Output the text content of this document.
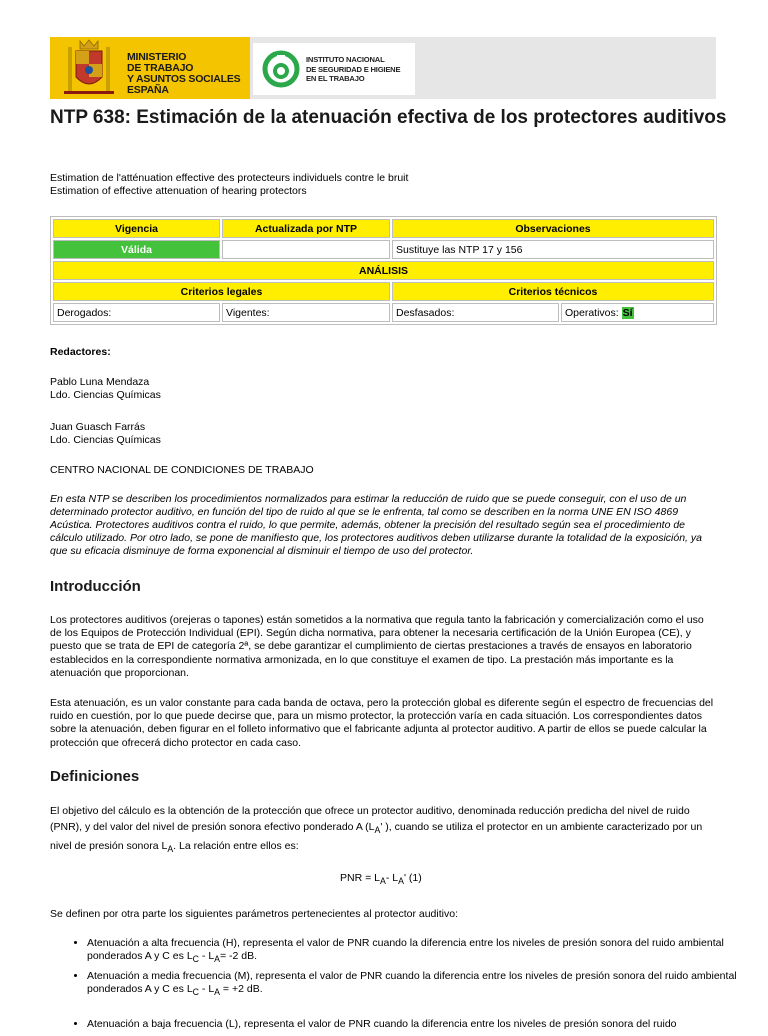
MINISTERIO
DE TRABAJO
Y ASUNTOS SOCIALES
ESPAÑA
INSTITUTO NACIONAL
DE SEGURIDAD E HIGIENE
EN EL TRABAJO
NTP 638: Estimación de la atenuación efectiva de los protectores auditivos
Estimation de l'atténuation effective des protecteurs individuels contre le bruit
Estimation of effective attenuation of hearing protectors
Vigencia	Actualizada por NTP	Observaciones	
Válida		Sustituye las NTP 17 y 156	
ANÁLISIS			
Criterios legales		Criterios técnicos	
Derogados:	Vigentes:	Desfasados:	Operativos: Sí
Redactores:
Pablo Luna Mendaza
Ldo. Ciencias Químicas
Juan Guasch Farrás
Ldo. Ciencias Químicas
CENTRO NACIONAL DE CONDICIONES DE TRABAJO
En esta NTP se describen los procedimientos normalizados para estimar la reducción de ruido que se puede conseguir, con el uso de un determinado protector auditivo, en función del tipo de ruido al que se le enfrenta, tal como se describen en la norma UNE EN ISO 4869 Acústica. Protectores auditivos contra el ruido, lo que permite, además, obtener la precisión del resultado según sea el procedimiento de cálculo utilizado. Por otro lado, se pone de manifiesto que, los protectores auditivos deben utilizarse durante la totalidad de la exposición, ya que su eficacia disminuye de forma exponencial al disminuir el tiempo de uso del protector.
Introducción
Los protectores auditivos (orejeras o tapones) están sometidos a la normativa que regula tanto la fabricación y comercialización como el uso de los Equipos de Protección Individual (EPI). Según dicha normativa, para obtener la necesaria certificación de la Unión Europea (CE), y puesto que se trata de EPI de categoría 2ª, se debe garantizar el cumplimiento de ciertas prestaciones a través de ensayos en laboratorio establecidos en la correspondiente normativa armonizada, en lo que constituye el examen de tipo. La prestación más importante es la atenuación que proporcionan.
Esta atenuación, es un valor constante para cada banda de octava, pero la protección global es diferente según el espectro de frecuencias del ruido en cuestión, por lo que puede decirse que, para un mismo protector, la protección varía en cada situación. Los correspondientes datos sobre la atenuación, deben figurar en el folleto informativo que el fabricante adjunta al protector auditivo. A partir de ellos se puede calcular la protección que ofrecerá dicho protector en cada caso.
Definiciones
El objetivo del cálculo es la obtención de la protección que ofrece un protector auditivo, denominada reducción predicha del nivel de ruido (PNR), y del valor del nivel de presión sonora efectivo ponderado A ($L_A'$ ), cuando se utiliza el protector en un ambiente caracterizado por un nivel de presión sonora $L_A$. La relación entre ellos es:
PNR = $L_A-$ $L_A'$ (1)
Se definen por otra parte los siguientes parámetros pertenecientes al protector auditivo:
• Atenuación a alta frecuencia (H), representa el valor de PNR cuando la diferencia entre los niveles de presión sonora del ruido ambiental ponderados A y C es $L_C - L_A= -2$ dB.
• Atenuación a media frecuencia (M), representa el valor de PNR cuando la diferencia entre los niveles de presión sonora del ruido ambiental ponderados A y C es $L_C - L_A = +2$ dB.
• Atenuación a baja frecuencia (L), representa el valor de PNR cuando la diferencia entre los niveles de presión sonora del ruido
